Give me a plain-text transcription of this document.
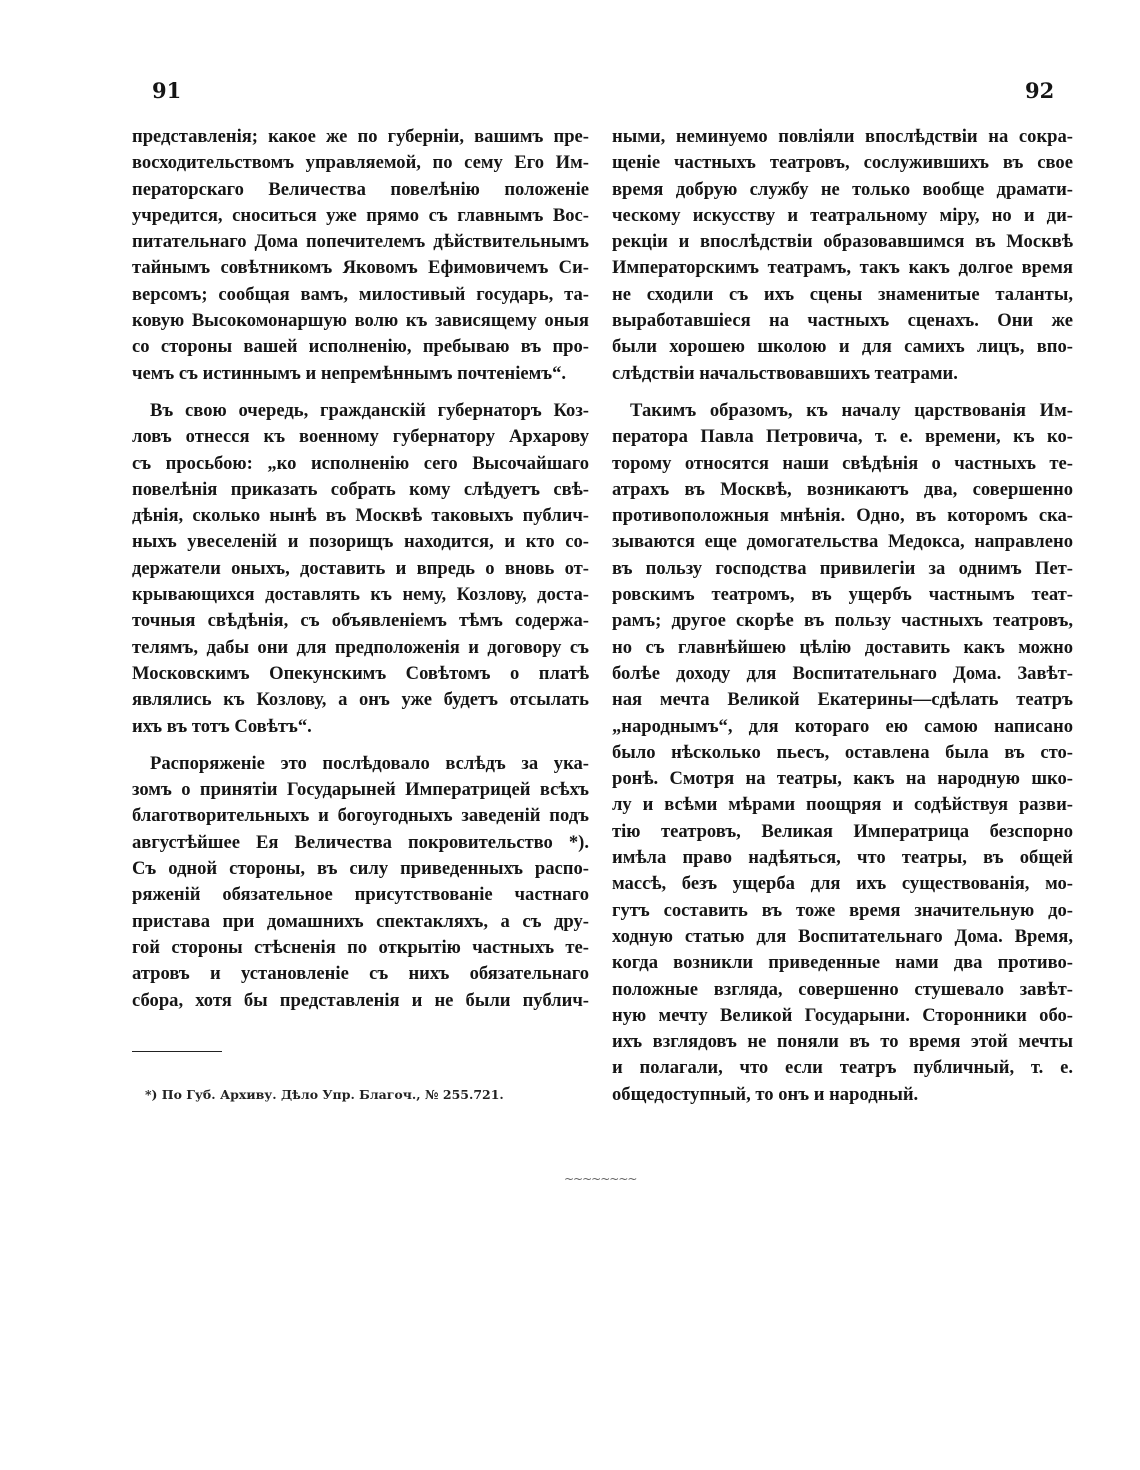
91	92
представленія; какое же по губерніи, вашимъ пре-
восходительствомъ управляемой, по сему Его Им-
ператорскаго Величества повелѣнію положеніе
учредится, сноситься уже прямо съ главнымъ Вос-
питательнаго Дома попечителемъ дѣйствительнымъ
тайнымъ совѣтникомъ Яковомъ Ефимовичемъ Си-
версомъ; сообщая вамъ, милостивый государь, та-
ковую Высокомонаршую волю къ зависящему оныя
со стороны вашей исполненію, пребываю въ про-
чемъ съ истиннымъ и непремѣннымъ почтеніемъ“.
Въ свою очередь, гражданскій губернаторъ Коз-
ловъ отнесся къ военному губернатору Архарову
съ просьбою: „ко исполненію сего Высочайшаго
повелѣнія приказать собрать кому слѣдуетъ свѣ-
дѣнія, сколько нынѣ въ Москвѣ таковыхъ публич-
ныхъ увеселеній и позорищъ находится, и кто со-
держатели оныхъ, доставить и впредь о вновь от-
крывающихся доставлять къ нему, Козлову, доста-
точныя свѣдѣнія, съ объявленіемъ тѣмъ содержа-
телямъ, дабы они для предположенія и договору съ
Московскимъ Опекунскимъ Совѣтомъ о платѣ
являлись къ Козлову, а онъ уже будетъ отсылать
ихъ въ тотъ Совѣтъ“.
Распоряженіе это послѣдовало вслѣдъ за ука-
зомъ о принятіи Государыней Императрицей всѣхъ
благотворительныхъ и богоугодныхъ заведеній подъ
августѣйшее Ея Величества покровительство *).
Съ одной стороны, въ силу приведенныхъ распо-
ряженій обязательное присутствованіе частнаго
пристава при домашнихъ спектакляхъ, а съ дру-
гой стороны стѣсненія по открытію частныхъ те-
атровъ и установленіе съ нихъ обязательнаго
сбора, хотя бы представленія и не были публич-
ными, неминуемо повліяли впослѣдствіи на сокра-
щеніе частныхъ театровъ, сослужившихъ въ свое
время добрую службу не только вообще драмати-
ческому искусству и театральному міру, но и ди-
рекціи и впослѣдствіи образовавшимся въ Москвѣ
Императорскимъ театрамъ, такъ какъ долгое время
не сходили съ ихъ сцены знаменитые таланты,
выработавшіеся на частныхъ сценахъ. Они же
были хорошею школою и для самихъ лицъ, впо-
слѣдствіи начальствовавшихъ театрами.
Такимъ образомъ, къ началу царствованія Им-
ператора Павла Петровича, т. е. времени, къ ко-
торому относятся наши свѣдѣнія о частныхъ те-
атрахъ въ Москвѣ, возникаютъ два, совершенно
противоположныя мнѣнія. Одно, въ которомъ ска-
зываются еще домогательства Медокса, направлено
въ пользу господства привилегіи за однимъ Пет-
ровскимъ театромъ, въ ущербъ частнымъ теат-
рамъ; другое скорѣе въ пользу частныхъ театровъ,
но съ главнѣйшею цѣлію доставить какъ можно
болѣе доходу для Воспитательнаго Дома. Завѣт-
ная мечта Великой Екатерины—сдѣлать театръ
„народнымъ“, для котораго ею самою написано
было нѣсколько пьесъ, оставлена была въ сто-
ронѣ. Смотря на театры, какъ на народную шко-
лу и всѣми мѣрами поощряя и содѣйствуя разви-
тію театровъ, Великая Императрица безспорно
имѣла право надѣяться, что театры, въ общей
массѣ, безъ ущерба для ихъ существованія, мо-
гутъ составить въ тоже время значительную до-
ходную статью для Воспитательнаго Дома. Время,
когда возникли приведенные нами два противо-
положные взгляда, совершенно стушевало завѣт-
ную мечту Великой Государыни. Сторонники обо-
ихъ взглядовъ не поняли въ то время этой мечты
и полагали, что если театръ публичный, т. е.
общедоступный, то онъ и народный.
*) По Губ. Архиву. Дѣло Упр. Благоч., № 255.721.
~~~~~~~~
